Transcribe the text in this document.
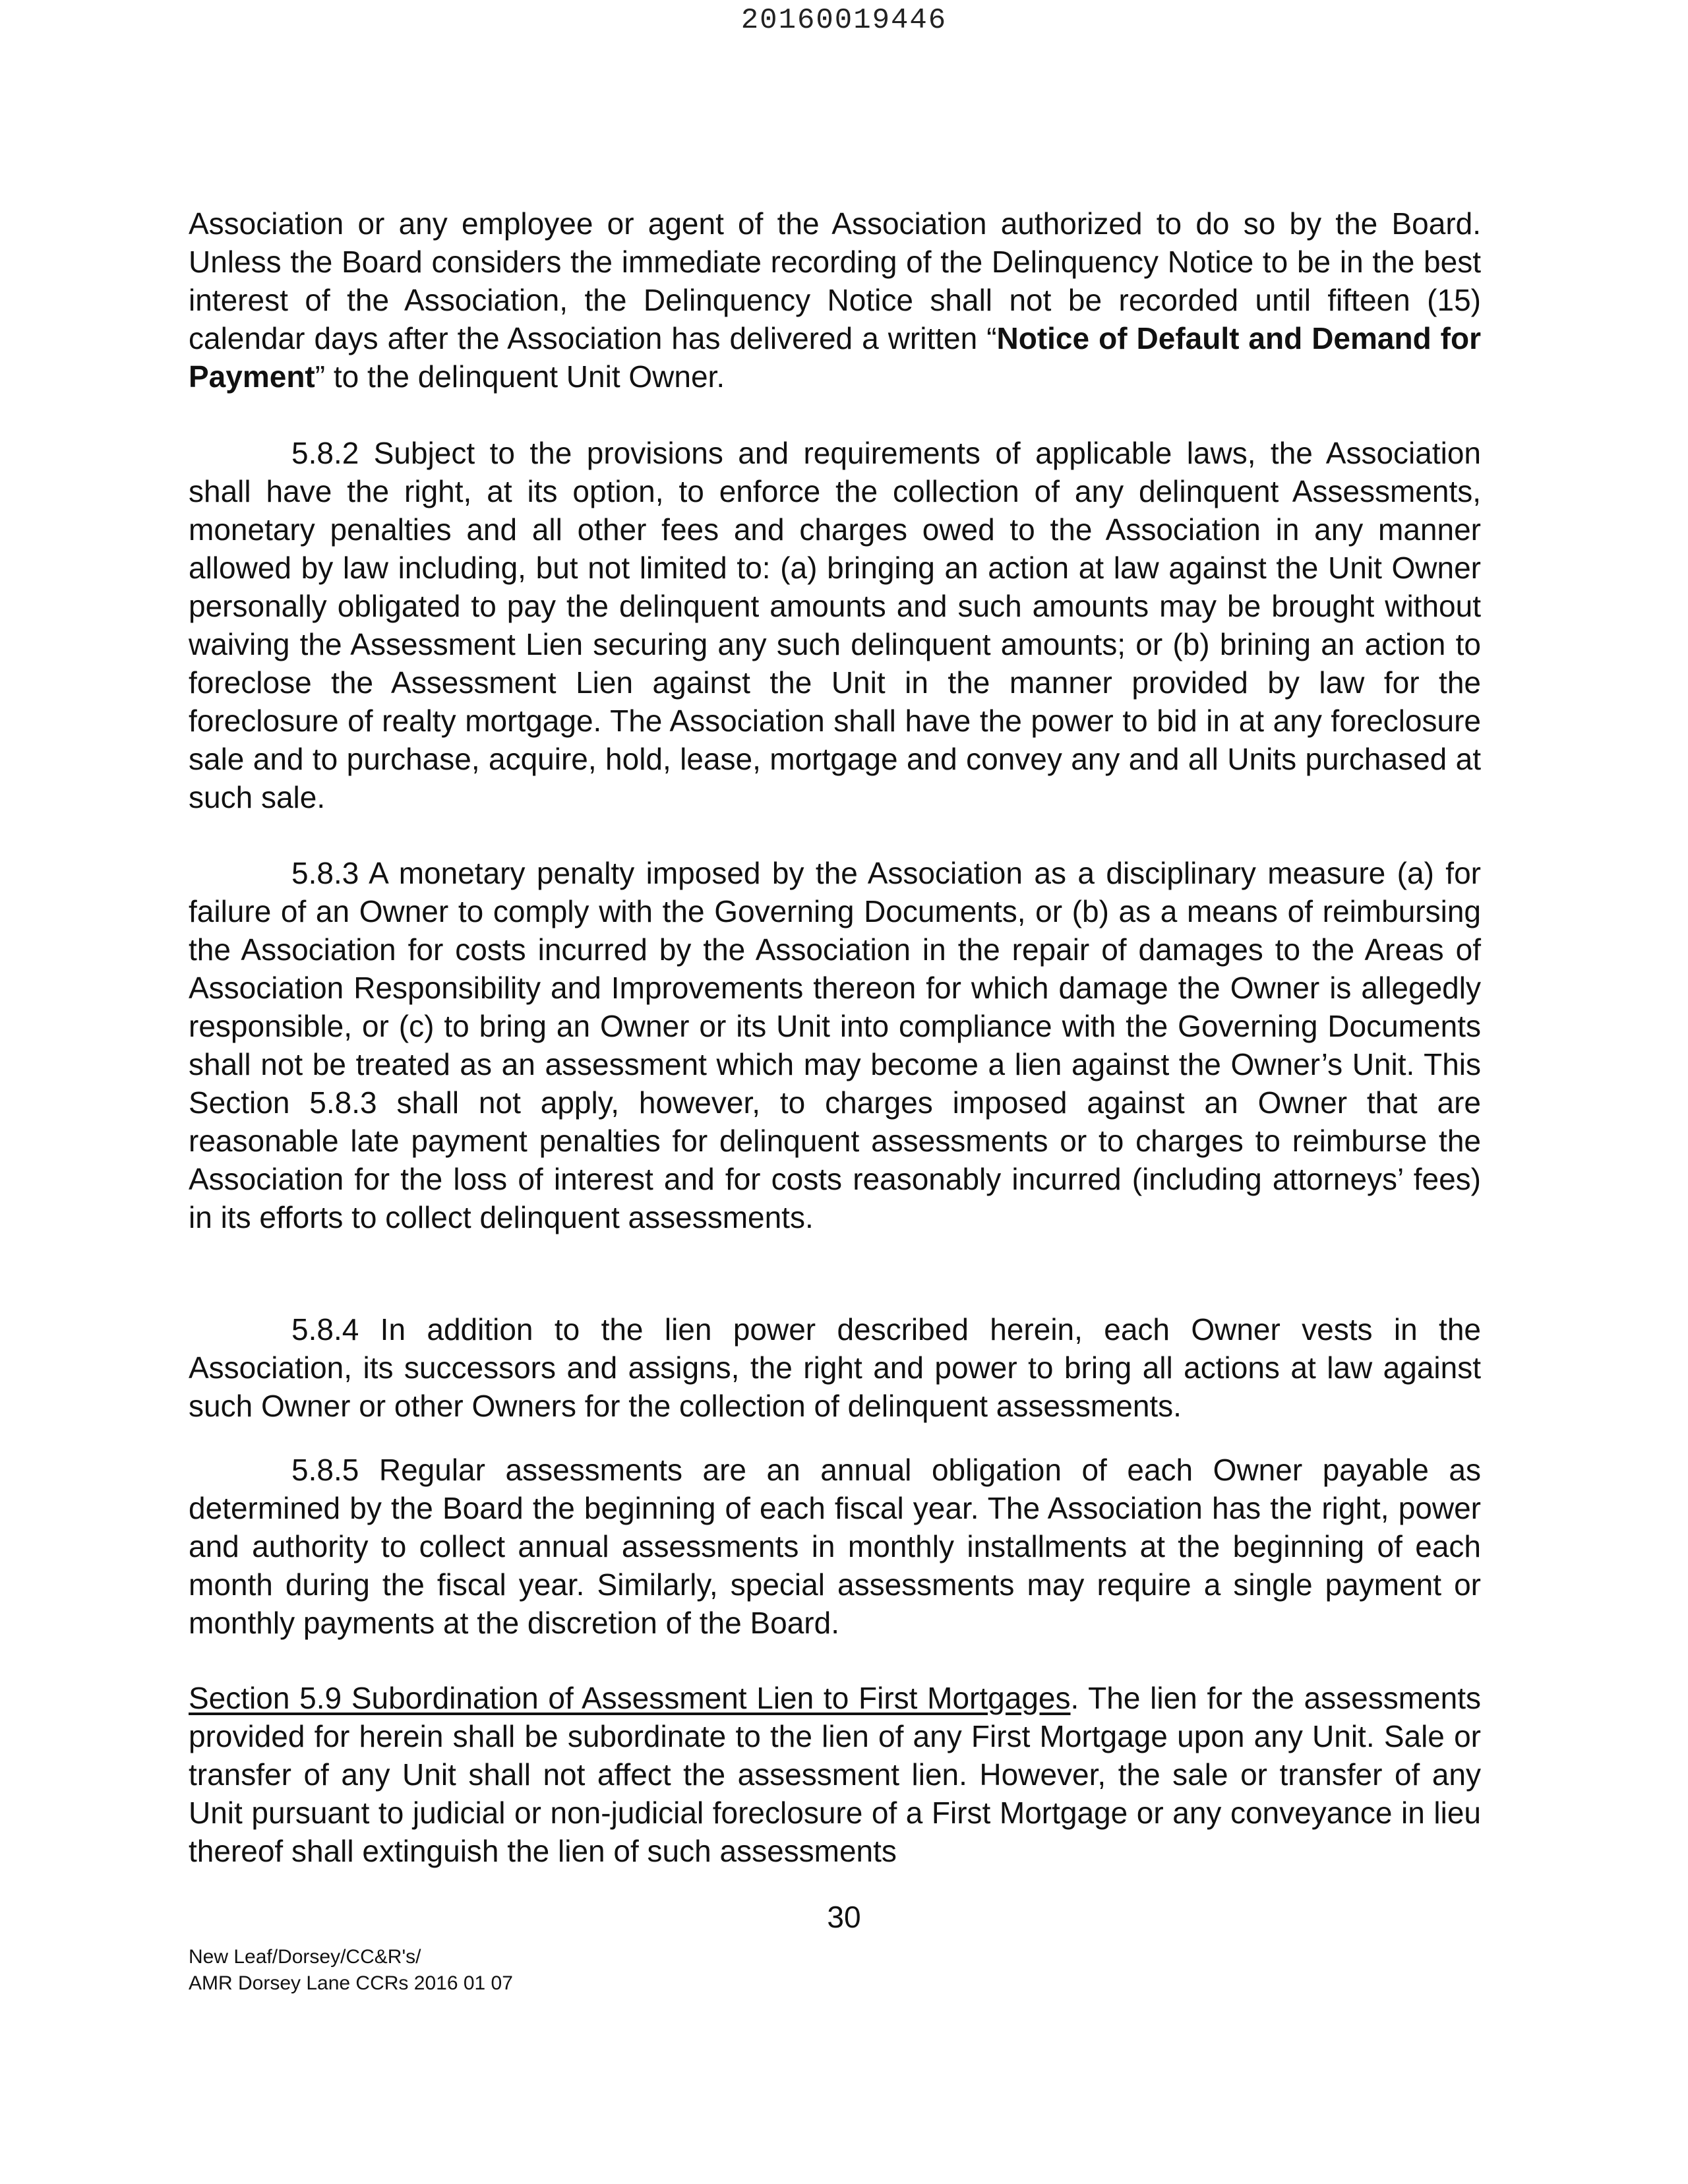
20160019446

Association or any employee or agent of the Association authorized to do so by the Board. Unless the Board considers the immediate recording of the Delinquency Notice to be in the best interest of the Association, the Delinquency Notice shall not be recorded until fifteen (15) calendar days after the Association has delivered a written “Notice of Default and Demand for Payment” to the delinquent Unit Owner.

5.8.2 Subject to the provisions and requirements of applicable laws, the Association shall have the right, at its option, to enforce the collection of any delinquent Assessments, monetary penalties and all other fees and charges owed to the Association in any manner allowed by law including, but not limited to: (a) bringing an action at law against the Unit Owner personally obligated to pay the delinquent amounts and such amounts may be brought without waiving the Assessment Lien securing any such delinquent amounts; or (b) brining an action to foreclose the Assessment Lien against the Unit in the manner provided by law for the foreclosure of realty mortgage. The Association shall have the power to bid in at any foreclosure sale and to purchase, acquire, hold, lease, mortgage and convey any and all Units purchased at such sale.

5.8.3 A monetary penalty imposed by the Association as a disciplinary measure (a) for failure of an Owner to comply with the Governing Documents, or (b) as a means of reimbursing the Association for costs incurred by the Association in the repair of damages to the Areas of Association Responsibility and Improvements thereon for which damage the Owner is allegedly responsible, or (c) to bring an Owner or its Unit into compliance with the Governing Documents shall not be treated as an assessment which may become a lien against the Owner’s Unit. This Section 5.8.3 shall not apply, however, to charges imposed against an Owner that are reasonable late payment penalties for delinquent assessments or to charges to reimburse the Association for the loss of interest and for costs reasonably incurred (including attorneys’ fees) in its efforts to collect delinquent assessments.

5.8.4 In addition to the lien power described herein, each Owner vests in the Association, its successors and assigns, the right and power to bring all actions at law against such Owner or other Owners for the collection of delinquent assessments.

5.8.5 Regular assessments are an annual obligation of each Owner payable as determined by the Board the beginning of each fiscal year. The Association has the right, power and authority to collect annual assessments in monthly installments at the beginning of each month during the fiscal year. Similarly, special assessments may require a single payment or monthly payments at the discretion of the Board.

Section 5.9 Subordination of Assessment Lien to First Mortgages. The lien for the assessments provided for herein shall be subordinate to the lien of any First Mortgage upon any Unit. Sale or transfer of any Unit shall not affect the assessment lien. However, the sale or transfer of any Unit pursuant to judicial or non-judicial foreclosure of a First Mortgage or any conveyance in lieu thereof shall extinguish the lien of such assessments

30
New Leaf/Dorsey/CC&R's/
AMR Dorsey Lane CCRs 2016 01 07
